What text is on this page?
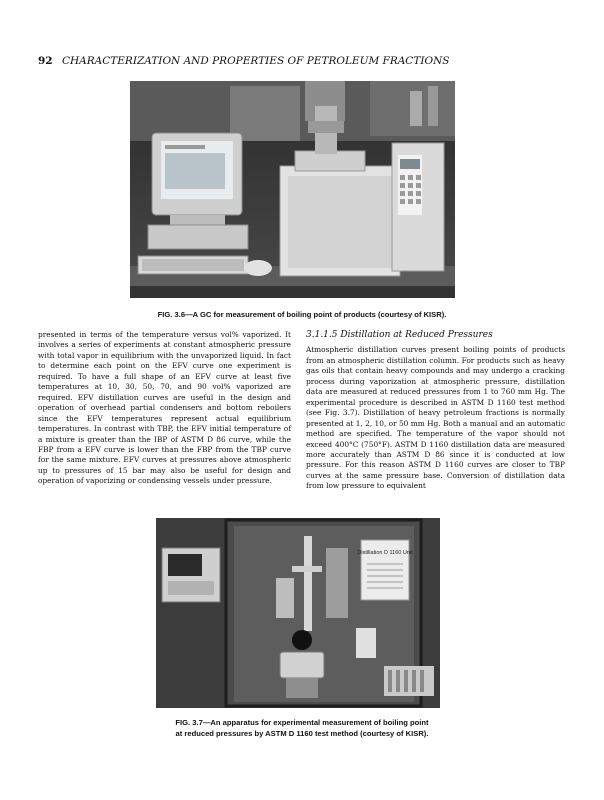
92 CHARACTERIZATION AND PROPERTIES OF PETROLEUM FRACTIONS
FIG. 3.6—A GC for measurement of boiling point of products (courtesy of KISR).

presented in terms of the temperature versus vol% vaporized. It involves a series of experiments at constant atmospheric pressure with total vapor in equilibrium with the unvaporized liquid. In fact to determine each point on the EFV curve one experiment is required. To have a full shape of an EFV curve at least five temperatures at 10, 30, 50, 70, and 90 vol% vaporized are required. EFV distillation curves are useful in the design and operation of overhead partial condensers and bottom reboilers since the EFV temperatures represent actual equilibrium temperatures. In contrast with TBP, the EFV initial temperature of a mixture is greater than the IBP of ASTM D 86 curve, while the FBP from a EFV curve is lower than the FBP from the TBP curve for the same mixture. EFV curves at pressures above atmospheric up to pressures of 15 bar may also be useful for design and operation of vaporizing or condensing vessels under pressure.

3.1.1.5 Distillation at Reduced Pressures

Atmospheric distillation curves present boiling points of products from an atmospheric distillation column. For products such as heavy gas oils that contain heavy compounds and may undergo a cracking process during vaporization at atmospheric pressure, distillation data are measured at reduced pressures from 1 to 760 mm Hg. The experimental procedure is described in ASTM D 1160 test method (see Fig. 3.7). Distillation of heavy petroleum fractions is normally presented at 1, 2, 10, or 50 mm Hg. Both a manual and an automatic method are specified. The temperature of the vapor should not exceed 400°C (750°F). ASTM D 1160 distillation data are measured more accurately than ASTM D 86 since it is conducted at low pressure. For this reason ASTM D 1160 curves are closer to TBP curves at the same pressure base. Conversion of distillation data from low pressure to equivalent

Distillation D 1160 Unit
FIG. 3.7—An apparatus for experimental measurement of boiling point
at reduced pressures by ASTM D 1160 test method (courtesy of KISR).
